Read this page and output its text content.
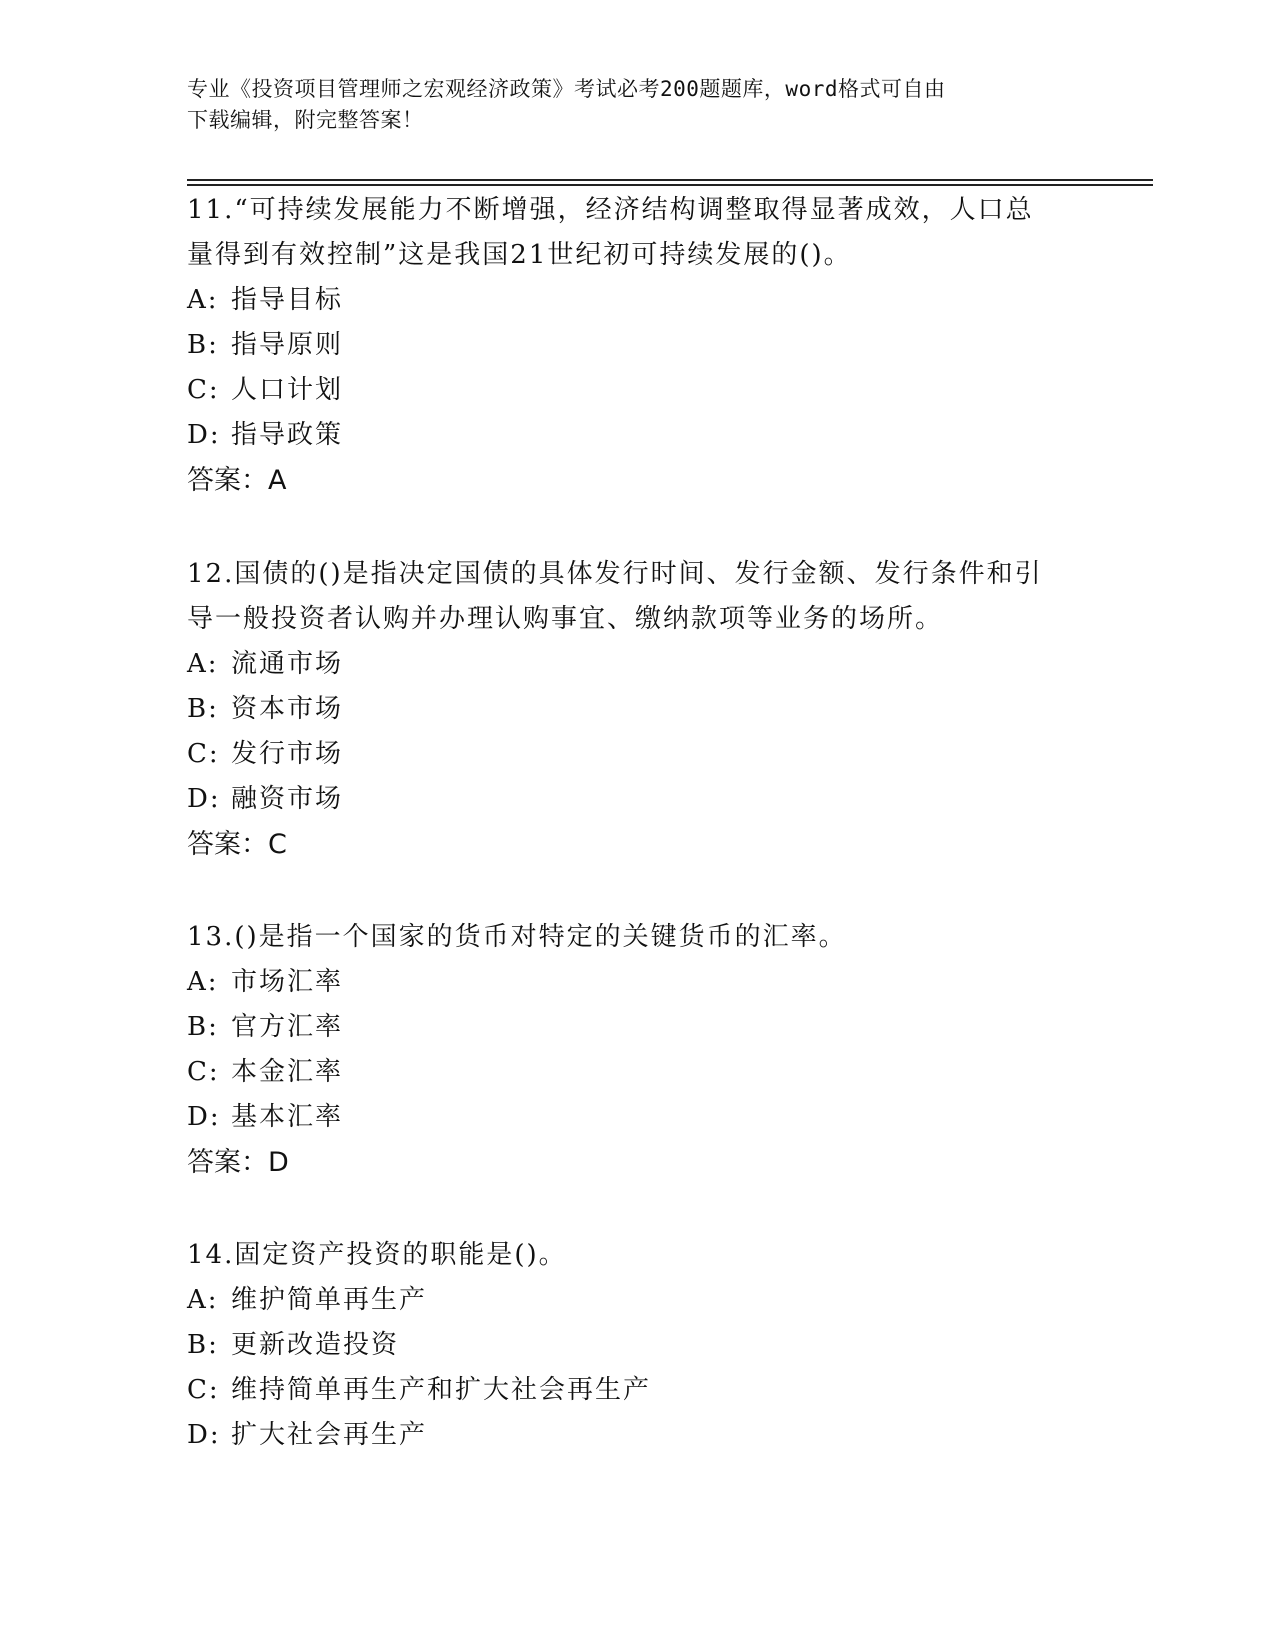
专业《投资项目管理师之宏观经济政策》考试必考200题题库，word格式可自由
下载编辑，附完整答案！
11.“可持续发展能力不断增强，经济结构调整取得显著成效，人口总
量得到有效控制”这是我国21世纪初可持续发展的()。
A: 指导目标
B: 指导原则
C: 人口计划
D: 指导政策
答案：A
12.国债的()是指决定国债的具体发行时间、发行金额、发行条件和引
导一般投资者认购并办理认购事宜、缴纳款项等业务的场所。
A: 流通市场
B: 资本市场
C: 发行市场
D: 融资市场
答案：C
13.()是指一个国家的货币对特定的关键货币的汇率。
A: 市场汇率
B: 官方汇率
C: 本金汇率
D: 基本汇率
答案：D
14.固定资产投资的职能是()。
A: 维护简单再生产
B: 更新改造投资
C: 维持简单再生产和扩大社会再生产
D: 扩大社会再生产
